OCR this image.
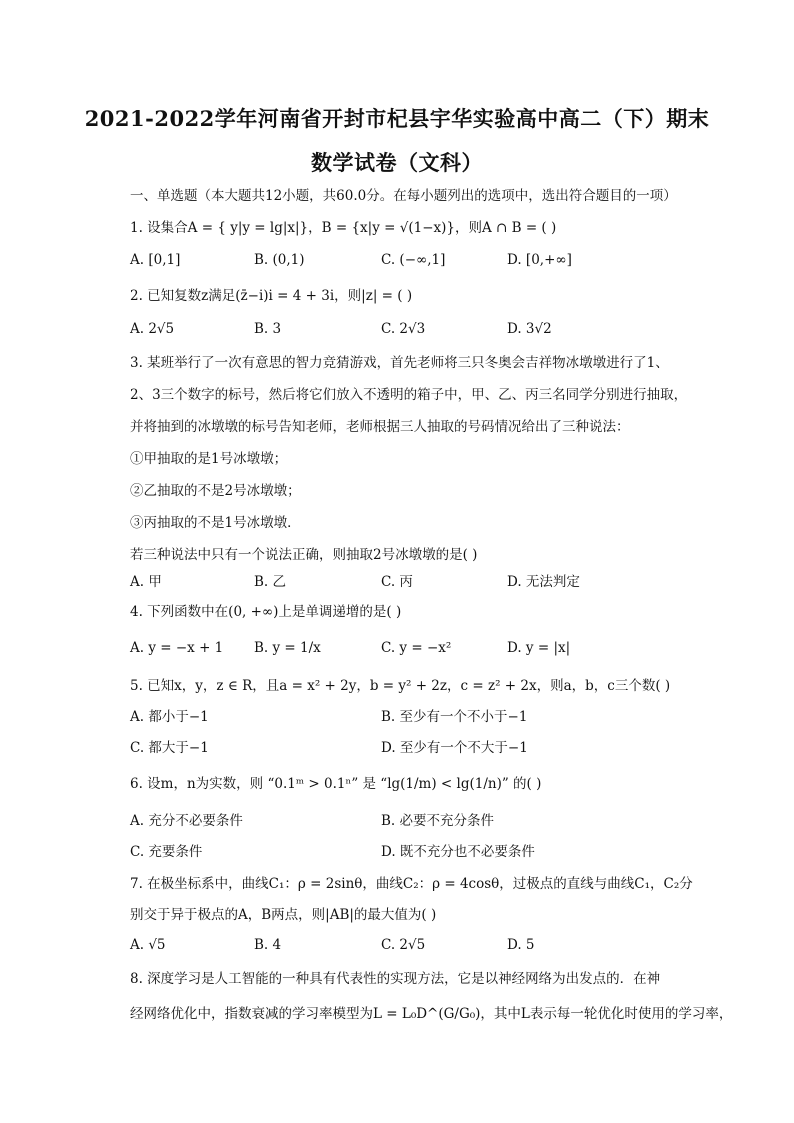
2021-2022学年河南省开封市杞县宇华实验高中高二（下）期末
数学试卷（文科）
一、单选题（本大题共12小题，共60.0分。在每小题列出的选项中，选出符合题目的一项）
1. 设集合A = { y|y = lg|x|}，B = {x|y = √(1−x)}，则A ∩ B = ( )
A. [0,1]	B. (0,1)	C. (−∞,1]	D. [0,+∞]
2. 已知复数z满足(z̄−i)i = 4 + 3i，则|z| = ( )
A. 2√5	B. 3	C. 2√3	D. 3√2
3. 某班举行了一次有意思的智力竞猜游戏，首先老师将三只冬奥会吉祥物冰墩墩进行了1、
2、3三个数字的标号，然后将它们放入不透明的箱子中，甲、乙、丙三名同学分别进行抽取，
并将抽到的冰墩墩的标号告知老师，老师根据三人抽取的号码情况给出了三种说法：
①甲抽取的是1号冰墩墩；
②乙抽取的不是2号冰墩墩；
③丙抽取的不是1号冰墩墩．
若三种说法中只有一个说法正确，则抽取2号冰墩墩的是( )
A. 甲	B. 乙	C. 丙	D. 无法判定
4. 下列函数中在(0, +∞)上是单调递增的是( )
A. y = −x + 1 B. y = 1/x	C. y = −x²	D. y = |x|
5. 已知x，y，z ∈ R，且a = x² + 2y，b = y² + 2z，c = z² + 2x，则a，b，c三个数( )
A. 都小于−1	B. 至少有一个不小于−1
C. 都大于−1	D. 至少有一个不大于−1
6. 设m，n为实数，则 “0.1ᵐ > 0.1ⁿ” 是 “lg(1/m) < lg(1/n)” 的( )
A. 充分不必要条件	B. 必要不充分条件
C. 充要条件	D. 既不充分也不必要条件
7. 在极坐标系中，曲线C₁：ρ = 2sinθ，曲线C₂：ρ = 4cosθ，过极点的直线与曲线C₁，C₂分
别交于异于极点的A，B两点，则|AB|的最大值为( )
A. √5	B. 4	C. 2√5	D. 5
8. 深度学习是人工智能的一种具有代表性的实现方法，它是以神经网络为出发点的．在神
经网络优化中，指数衰减的学习率模型为L = L₀D^(G/G₀)，其中L表示每一轮优化时使用的学习率，
